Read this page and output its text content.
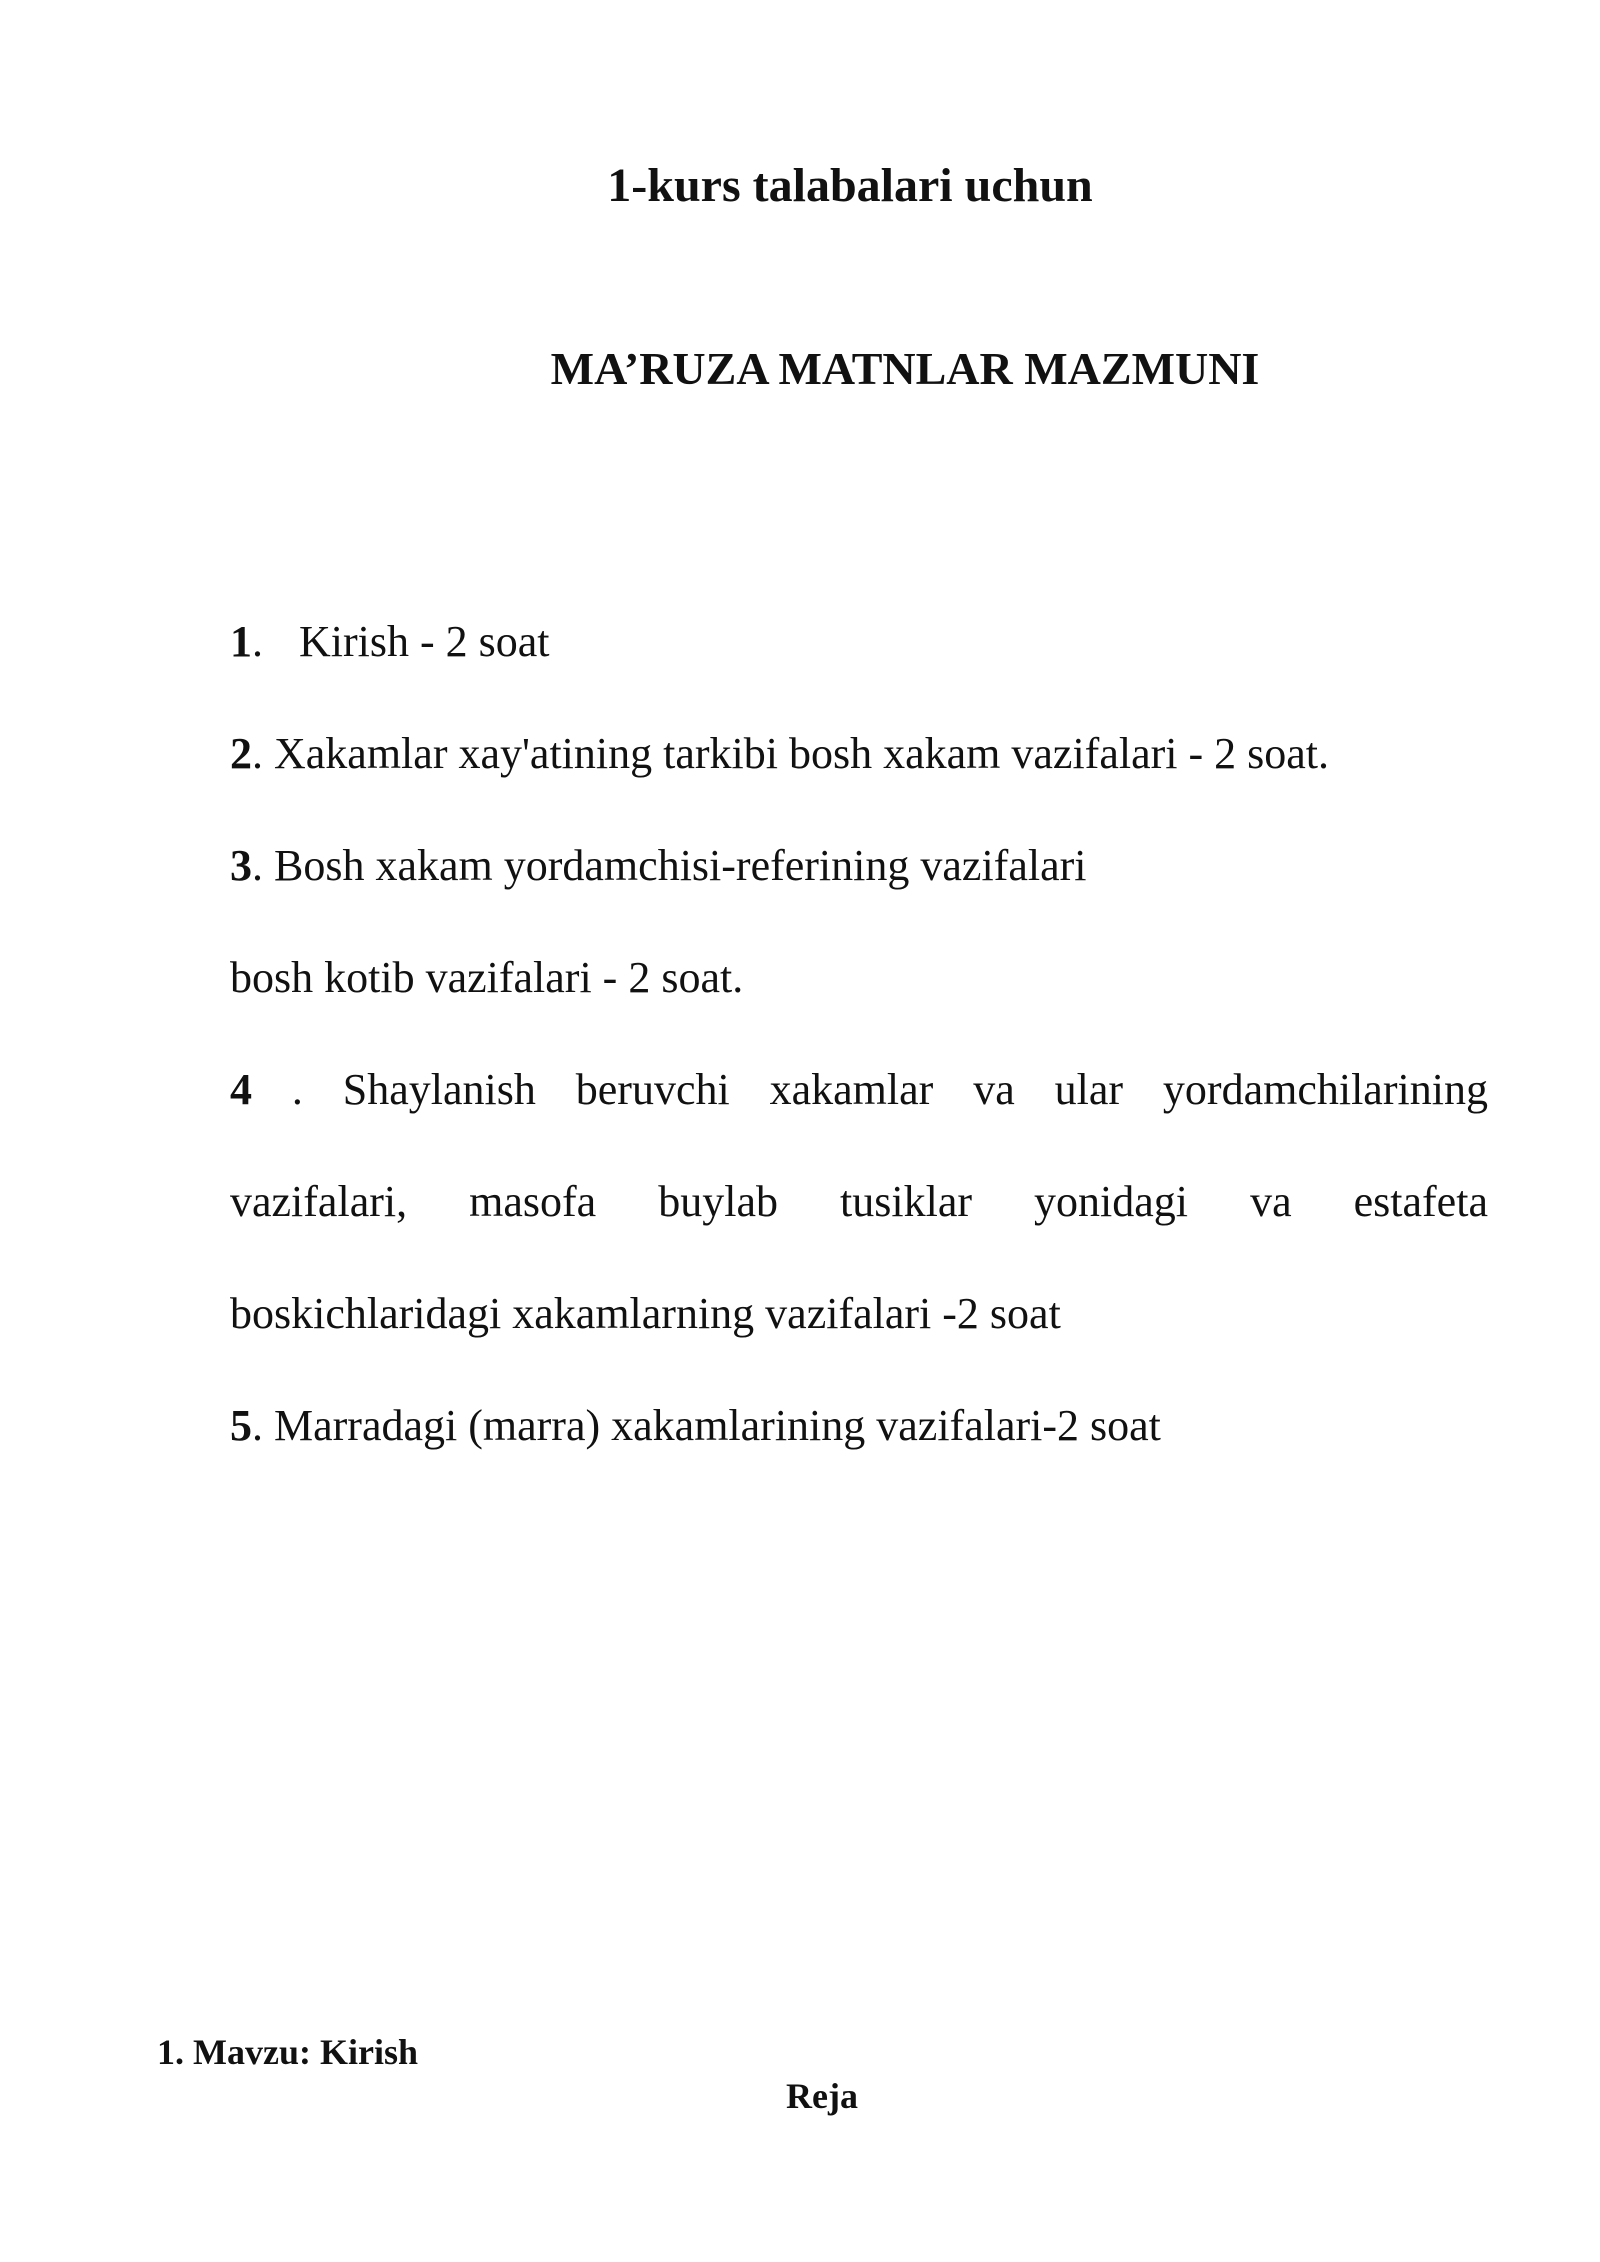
1-kurs talabalari uchun
MA’RUZA MATNLAR MAZMUNI
1. Kirish - 2 soat
2. Xakamlar xay'atining tarkibi bosh xakam vazifalari - 2 soat.
3. Bosh xakam yordamchisi-referining vazifalari
bosh kotib vazifalari - 2 soat.
4 . Shaylanish beruvchi xakamlar va ular yordamchilarining
vazifalari, masofa buylab tusiklar yonidagi va estafeta
boskichlaridagi xakamlarning vazifalari -2 soat
5. Marradagi (marra) xakamlarining vazifalari-2 soat
1. Mavzu: Kirish
Reja
